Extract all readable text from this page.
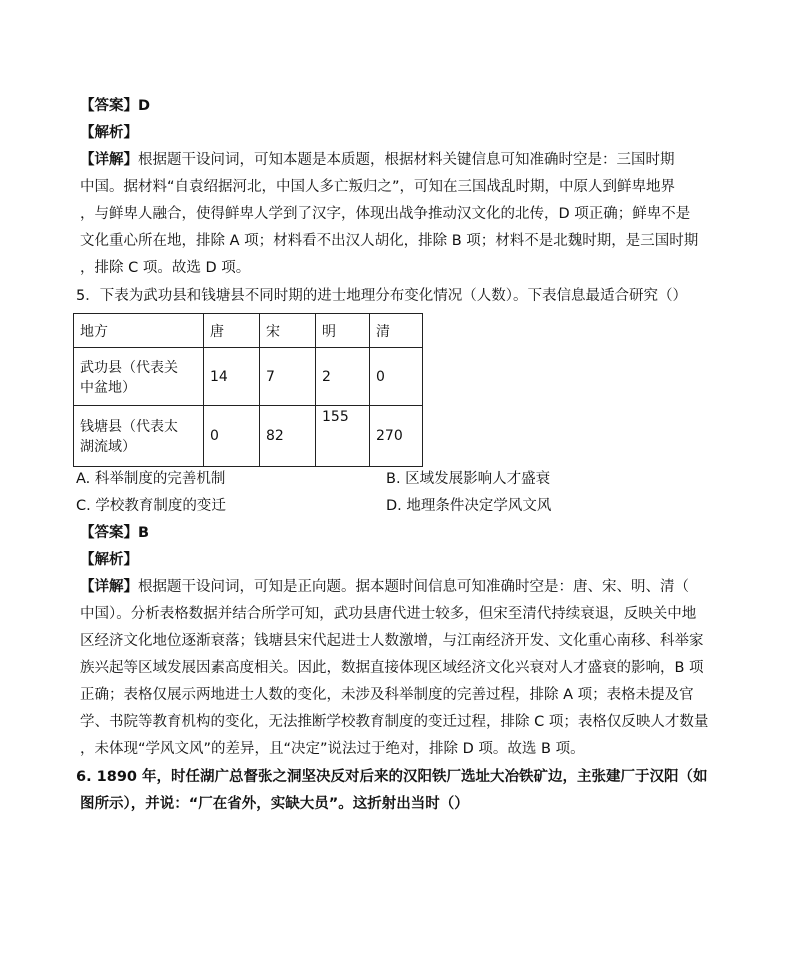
【答案】D
【解析】
【详解】根据题干设问词，可知本题是本质题，根据材料关键信息可知准确时空是：三国时期
中国。据材料“自袁绍据河北，中国人多亡叛归之”，可知在三国战乱时期，中原人到鲜卑地界
，与鲜卑人融合，使得鲜卑人学到了汉字，体现出战争推动汉文化的北传，D 项正确；鲜卑不是
文化重心所在地，排除 A 项；材料看不出汉人胡化，排除 B 项；材料不是北魏时期，是三国时期
，排除 C 项。故选 D 项。
5．下表为武功县和钱塘县不同时期的进士地理分布变化情况（人数）。下表信息最适合研究（）
地方	唐	宋	明	清

武功县（代表关
中盆地）	14	7	2	0

钱塘县（代表太
湖流域）	0	82	155	270
A. 科举制度的完善机制	B. 区域发展影响人才盛衰
C. 学校教育制度的变迁	D. 地理条件决定学风文风
【答案】B
【解析】
【详解】根据题干设问词，可知是正向题。据本题时间信息可知准确时空是：唐、宋、明、清（
中国）。分析表格数据并结合所学可知，武功县唐代进士较多，但宋至清代持续衰退，反映关中地
区经济文化地位逐渐衰落；钱塘县宋代起进士人数激增，与江南经济开发、文化重心南移、科举家
族兴起等区域发展因素高度相关。因此，数据直接体现区域经济文化兴衰对人才盛衰的影响，B 项
正确；表格仅展示两地进士人数的变化，未涉及科举制度的完善过程，排除 A 项；表格未提及官
学、书院等教育机构的变化，无法推断学校教育制度的变迁过程，排除 C 项；表格仅反映人才数量
，未体现“学风文风”的差异，且“决定”说法过于绝对，排除 D 项。故选 B 项。
6. 1890 年，时任湖广总督张之洞坚决反对后来的汉阳铁厂选址大冶铁矿边，主张建厂于汉阳（如
图所示），并说：“厂在省外，实缺大员”。这折射出当时（）
